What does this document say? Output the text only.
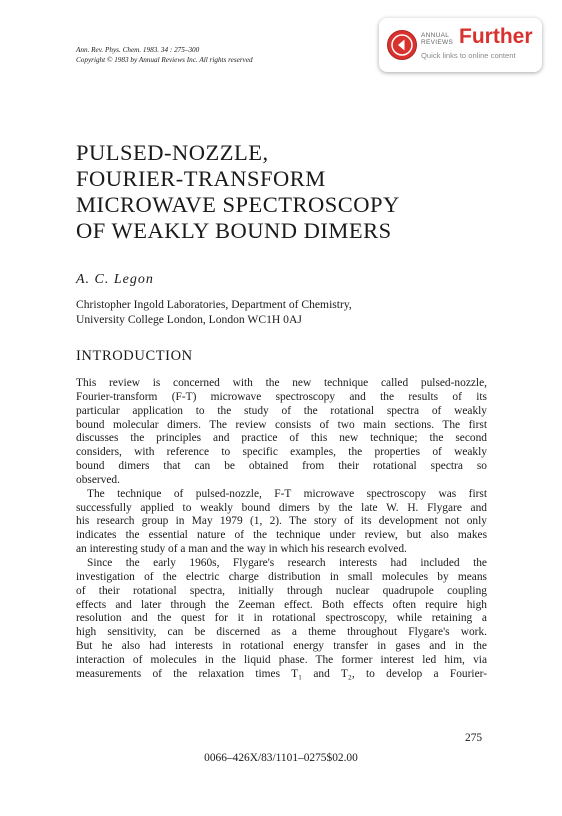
Ann. Rev. Phys. Chem. 1983. 34 : 275–300
Copyright © 1983 by Annual Reviews Inc. All rights reserved
ANNUAL
REVIEWS Further
Quick links to online content
PULSED-NOZZLE,
FOURIER-TRANSFORM
MICROWAVE SPECTROSCOPY
OF WEAKLY BOUND DIMERS
A. C. Legon
Christopher Ingold Laboratories, Department of Chemistry,
University College London, London WC1H 0AJ
INTRODUCTION
This review is concerned with the new technique called pulsed-nozzle,
Fourier-transform (F-T) microwave spectroscopy and the results of its
particular application to the study of the rotational spectra of weakly
bound molecular dimers. The review consists of two main sections. The first
discusses the principles and practice of this new technique; the second
considers, with reference to specific examples, the properties of weakly
bound dimers that can be obtained from their rotational spectra so
observed.
The technique of pulsed-nozzle, F-T microwave spectroscopy was first
successfully applied to weakly bound dimers by the late W. H. Flygare and
his research group in May 1979 (1, 2). The story of its development not only
indicates the essential nature of the technique under review, but also makes
an interesting study of a man and the way in which his research evolved.
Since the early 1960s, Flygare's research interests had included the
investigation of the electric charge distribution in small molecules by means
of their rotational spectra, initially through nuclear quadrupole coupling
effects and later through the Zeeman effect. Both effects often require high
resolution and the quest for it in rotational spectroscopy, while retaining a
high sensitivity, can be discerned as a theme throughout Flygare's work.
But he also had interests in rotational energy transfer in gases and in the
interaction of molecules in the liquid phase. The former interest led him, via
measurements of the relaxation times T₁ and T₂, to develop a Fourier-
275
0066–426X/83/1101–0275$02.00
